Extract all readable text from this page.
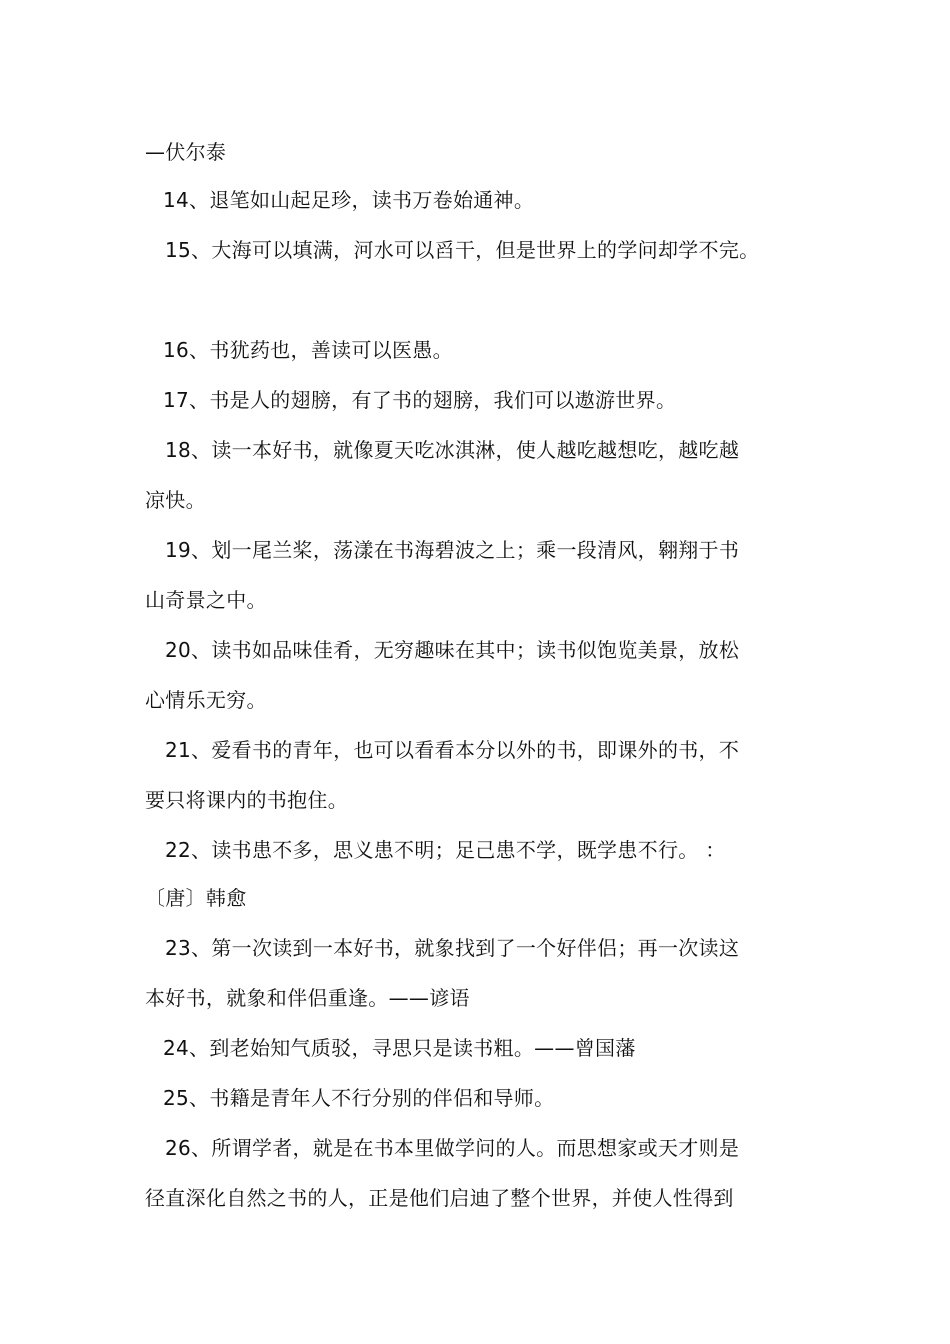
—伏尔泰
14、退笔如山起足珍，读书万卷始通神。
15、大海可以填满，河水可以舀干，但是世界上的学问却学不完。
16、书犹药也，善读可以医愚。
17、书是人的翅膀，有了书的翅膀，我们可以遨游世界。
18、读一本好书，就像夏天吃冰淇淋，使人越吃越想吃，越吃越
凉快。
19、划一尾兰桨，荡漾在书海碧波之上；乘一段清风，翱翔于书
山奇景之中。
20、读书如品味佳肴，无穷趣味在其中；读书似饱览美景，放松
心情乐无穷。
21、爱看书的青年，也可以看看本分以外的书，即课外的书，不
要只将课内的书抱住。
22、读书患不多，思义患不明；足己患不学，既学患不行。 ：
〔唐〕韩愈
23、第一次读到一本好书，就象找到了一个好伴侣；再一次读这
本好书，就象和伴侣重逢。——谚语
24、到老始知气质驳，寻思只是读书粗。——曾国藩
25、书籍是青年人不行分别的伴侣和导师。
26、所谓学者，就是在书本里做学问的人。而思想家或天才则是
径直深化自然之书的人，正是他们启迪了整个世界，并使人性得到
